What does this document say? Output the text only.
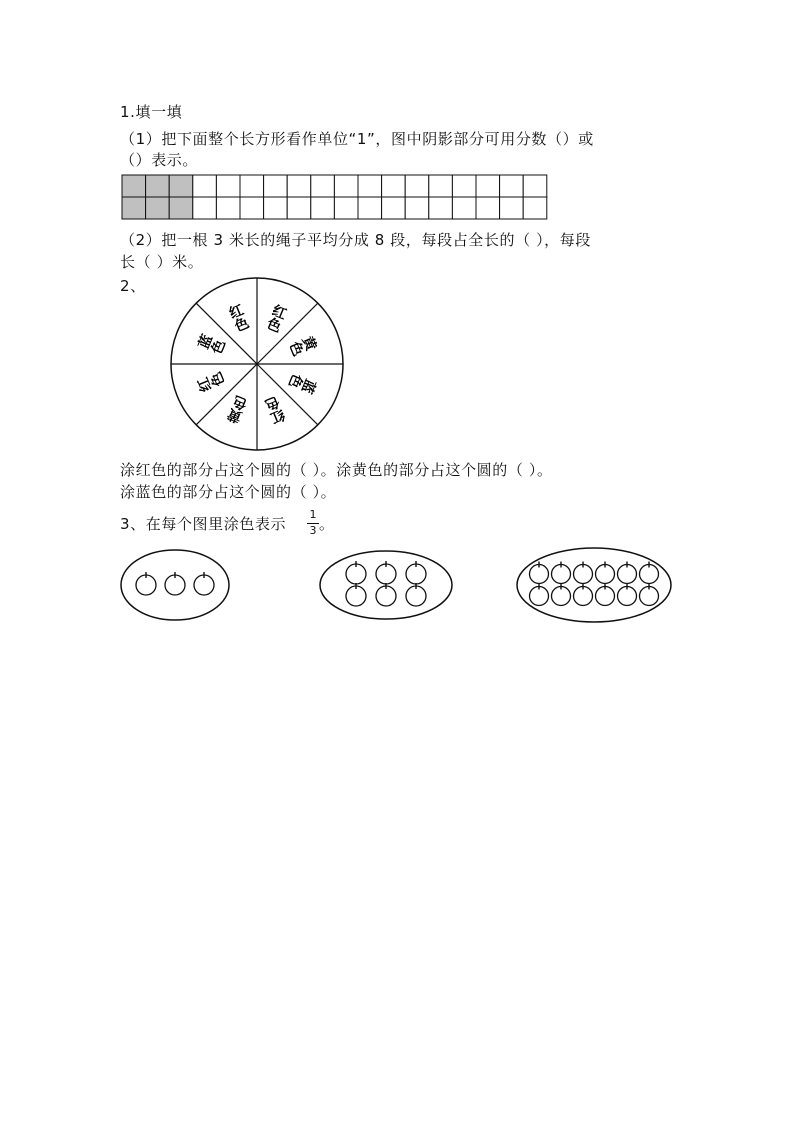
1.填一填
（1）把下面整个长方形看作单位“1”，图中阴影部分可用分数（）或
（）表示。
红色
黄色
蓝色
红色
黄色
红色
蓝色
红色
（2）把一根 3 米长的绳子平均分成 8 段，每段占全长的（ ），每段
长（ ）米。
2、
涂红色的部分占这个圆的（ ）。涂黄色的部分占这个圆的（ ）。
涂蓝色的部分占这个圆的（ ）。
3、在每个图里涂色表示
1
3 。
